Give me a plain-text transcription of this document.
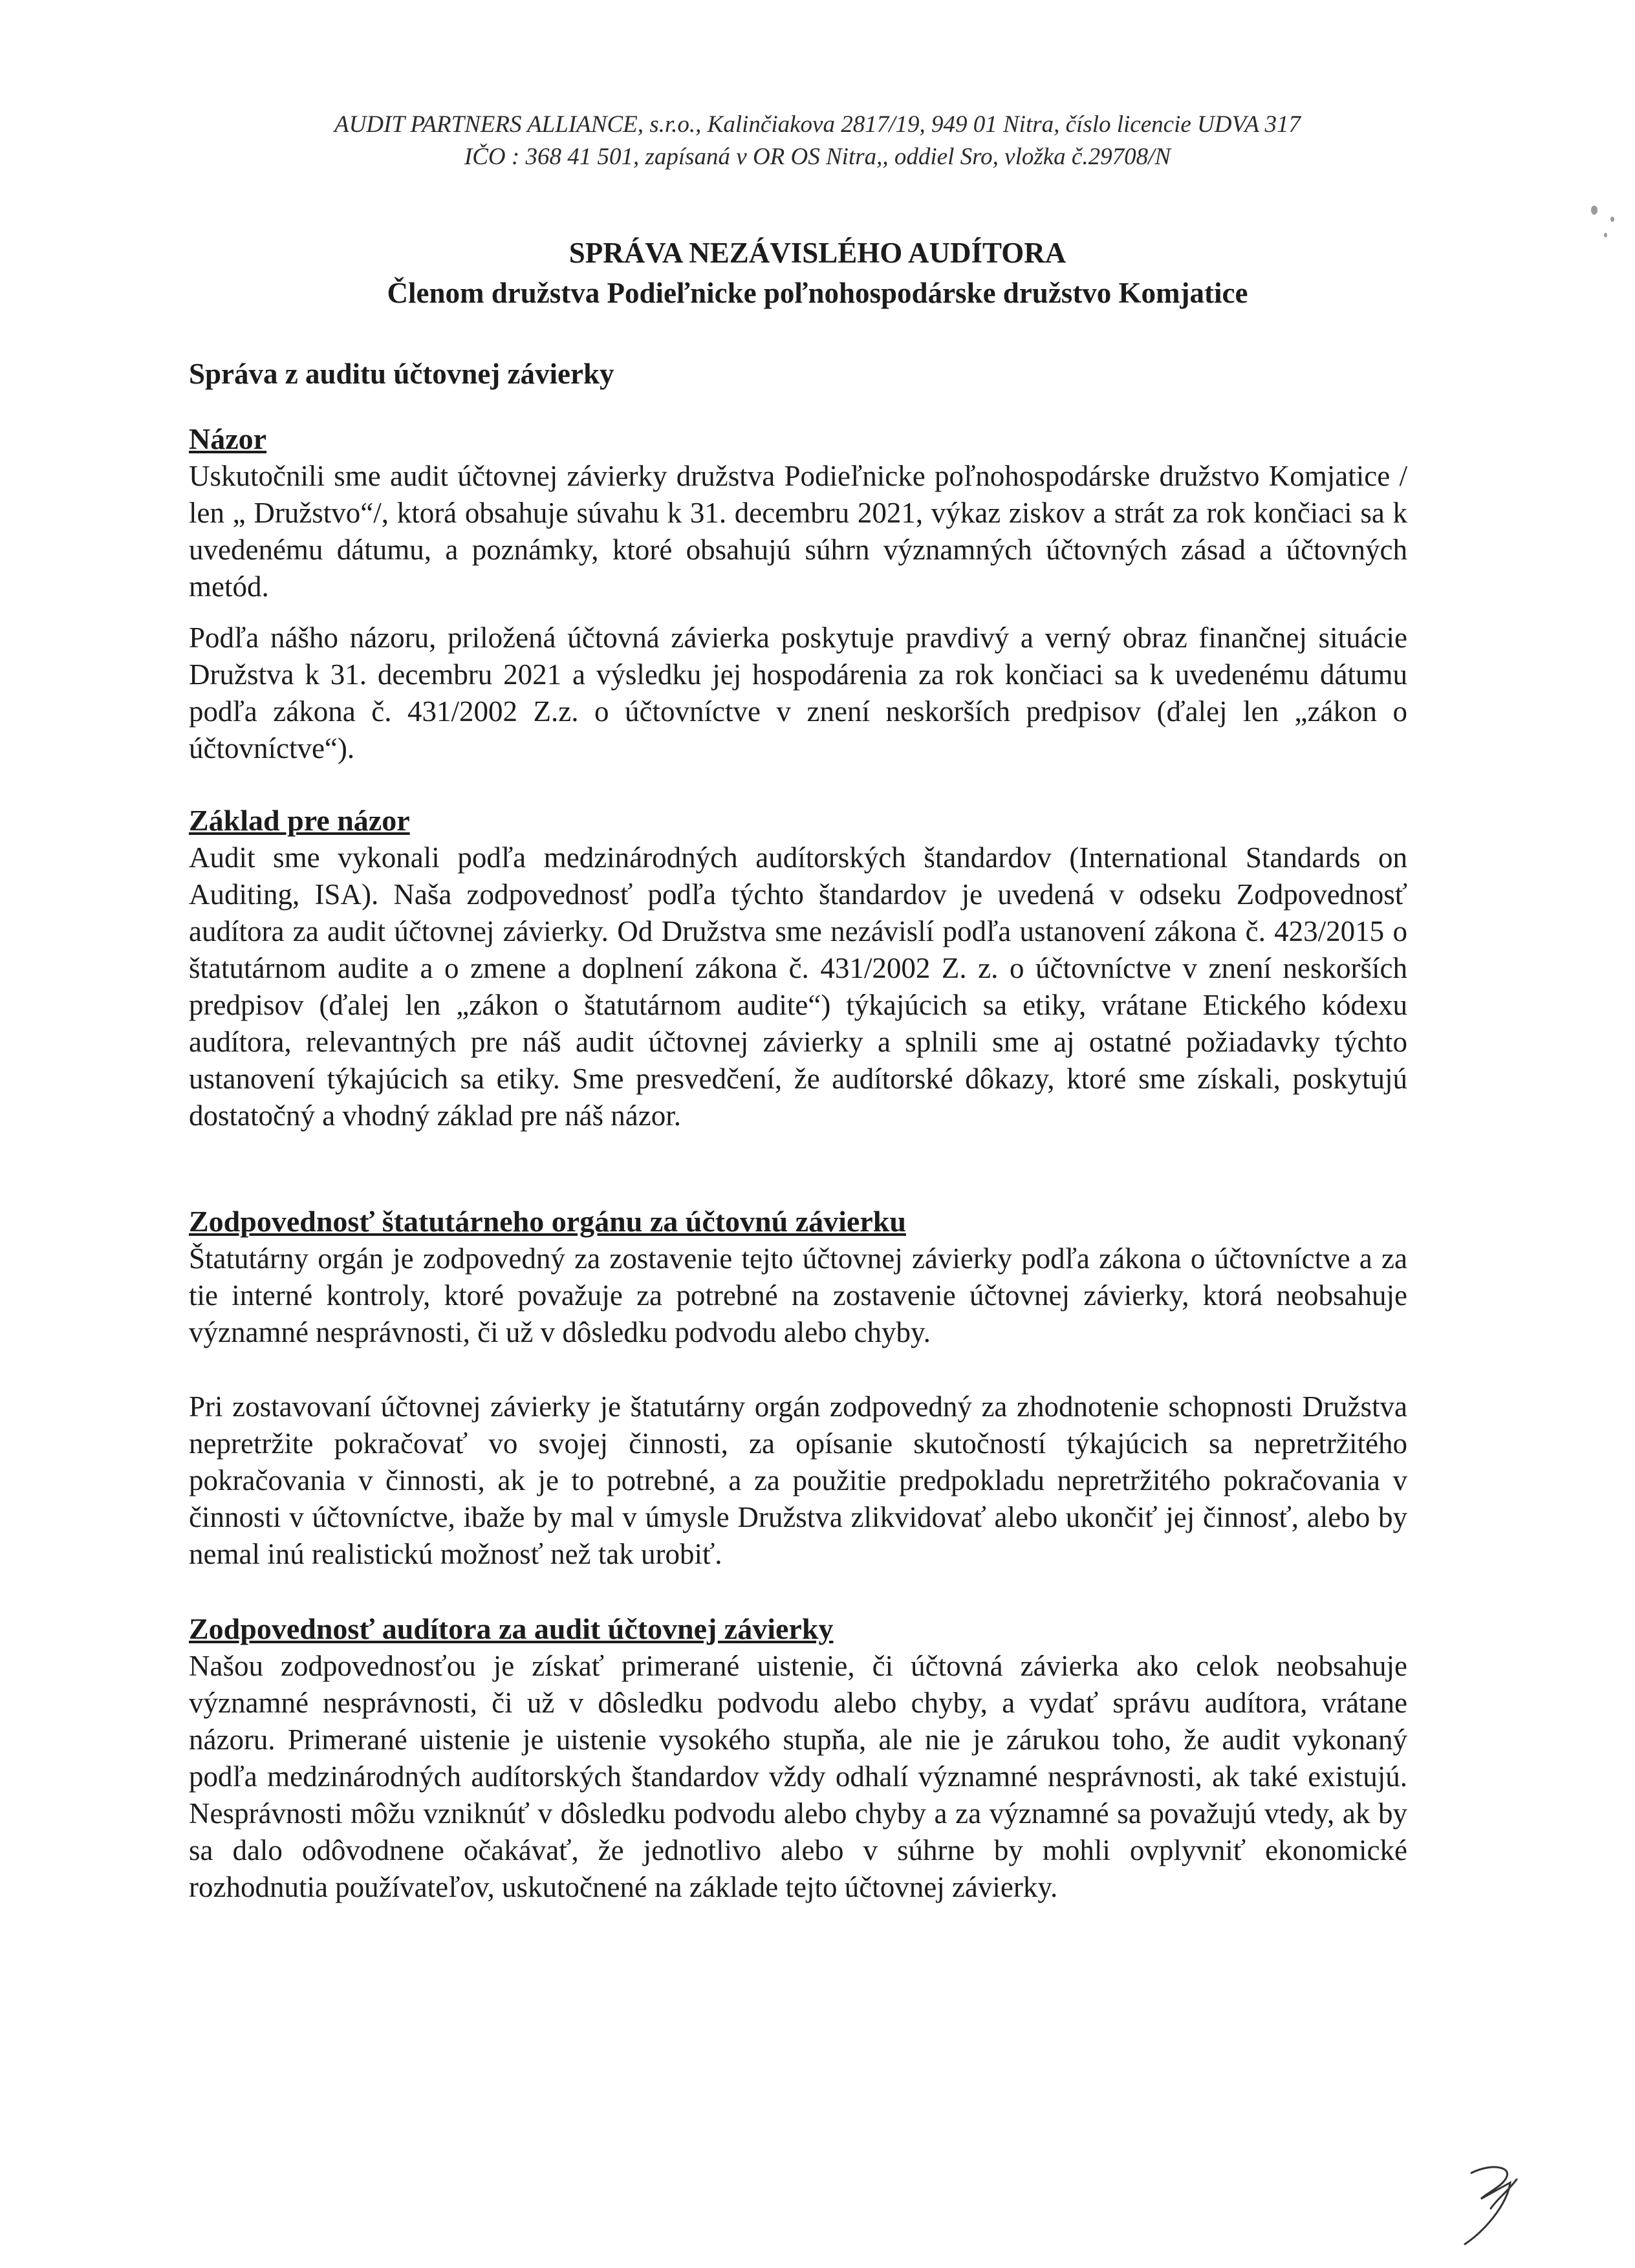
AUDIT PARTNERS ALLIANCE, s.r.o., Kalinčiakova 2817/19, 949 01 Nitra, číslo licencie UDVA 317
IČO : 368 41 501, zapísaná v OR OS Nitra,, oddiel Sro, vložka č.29708/N
SPRÁVA NEZÁVISLÉHO AUDÍTORA
Členom družstva Podieľnicke poľnohospodárske družstvo Komjatice
Správa z auditu účtovnej závierky
Názor

Uskutočnili sme audit účtovnej závierky družstva Podieľnicke poľnohospodárske družstvo Komjatice / len „ Družstvo“/, ktorá obsahuje súvahu k 31. decembru 2021, výkaz ziskov a strát za rok končiaci sa k uvedenému dátumu, a poznámky, ktoré obsahujú súhrn významných účtovných zásad a účtovných metód.

Podľa nášho názoru, priložená účtovná závierka poskytuje pravdivý a verný obraz finančnej situácie Družstva k 31. decembru 2021 a výsledku jej hospodárenia za rok končiaci sa k uvedenému dátumu podľa zákona č. 431/2002 Z.z. o účtovníctve v znení neskorších predpisov (ďalej len „zákon o účtovníctve“).

Základ pre názor

Audit sme vykonali podľa medzinárodných audítorských štandardov (International Standards on Auditing, ISA). Naša zodpovednosť podľa týchto štandardov je uvedená v odseku Zodpovednosť audítora za audit účtovnej závierky. Od Družstva sme nezávislí podľa ustanovení zákona č. 423/2015 o štatutárnom audite a o zmene a doplnení zákona č. 431/2002 Z. z. o účtovníctve v znení neskorších predpisov (ďalej len „zákon o štatutárnom audite“) týkajúcich sa etiky, vrátane Etického kódexu audítora, relevantných pre náš audit účtovnej závierky a splnili sme aj ostatné požiadavky týchto ustanovení týkajúcich sa etiky. Sme presvedčení, že audítorské dôkazy, ktoré sme získali, poskytujú dostatočný a vhodný základ pre náš názor.

Zodpovednosť štatutárneho orgánu za účtovnú závierku

Štatutárny orgán je zodpovedný za zostavenie tejto účtovnej závierky podľa zákona o účtovníctve a za tie interné kontroly, ktoré považuje za potrebné na zostavenie účtovnej závierky, ktorá neobsahuje významné nesprávnosti, či už v dôsledku podvodu alebo chyby.

Pri zostavovaní účtovnej závierky je štatutárny orgán zodpovedný za zhodnotenie schopnosti Družstva nepretržite pokračovať vo svojej činnosti, za opísanie skutočností týkajúcich sa nepretržitého pokračovania v činnosti, ak je to potrebné, a za použitie predpokladu nepretržitého pokračovania v činnosti v účtovníctve, ibaže by mal v úmysle Družstva zlikvidovať alebo ukončiť jej činnosť, alebo by nemal inú realistickú možnosť než tak urobiť.

Zodpovednosť audítora za audit účtovnej závierky

Našou zodpovednosťou je získať primerané uistenie, či účtovná závierka ako celok neobsahuje významné nesprávnosti, či už v dôsledku podvodu alebo chyby, a vydať správu audítora, vrátane názoru. Primerané uistenie je uistenie vysokého stupňa, ale nie je zárukou toho, že audit vykonaný podľa medzinárodných audítorských štandardov vždy odhalí významné nesprávnosti, ak také existujú. Nesprávnosti môžu vzniknúť v dôsledku podvodu alebo chyby a za významné sa považujú vtedy, ak by sa dalo odôvodnene očakávať, že jednotlivo alebo v súhrne by mohli ovplyvniť ekonomické rozhodnutia používateľov, uskutočnené na základe tejto účtovnej závierky.
